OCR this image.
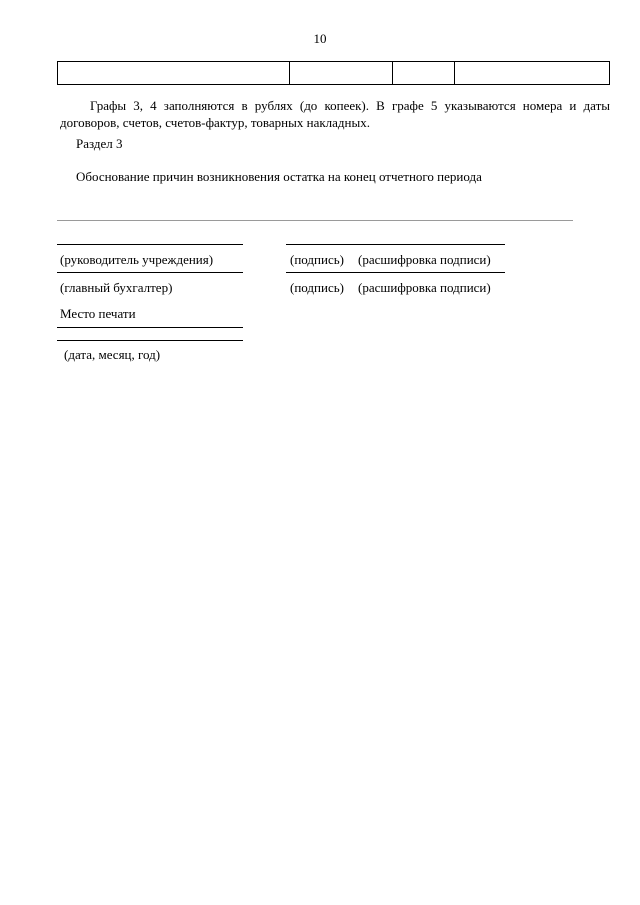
10
Графы 3, 4 заполняются в рублях (до копеек). В графе 5 указываются номера и даты договоров, счетов, счетов-фактур, товарных накладных.
Раздел 3
Обоснование причин возникновения остатка на конец отчетного периода
(руководитель учреждения)	(подпись) (расшифровка подписи)
(главный бухгалтер)	(подпись) (расшифровка подписи)
Место печати
(дата, месяц, год)
